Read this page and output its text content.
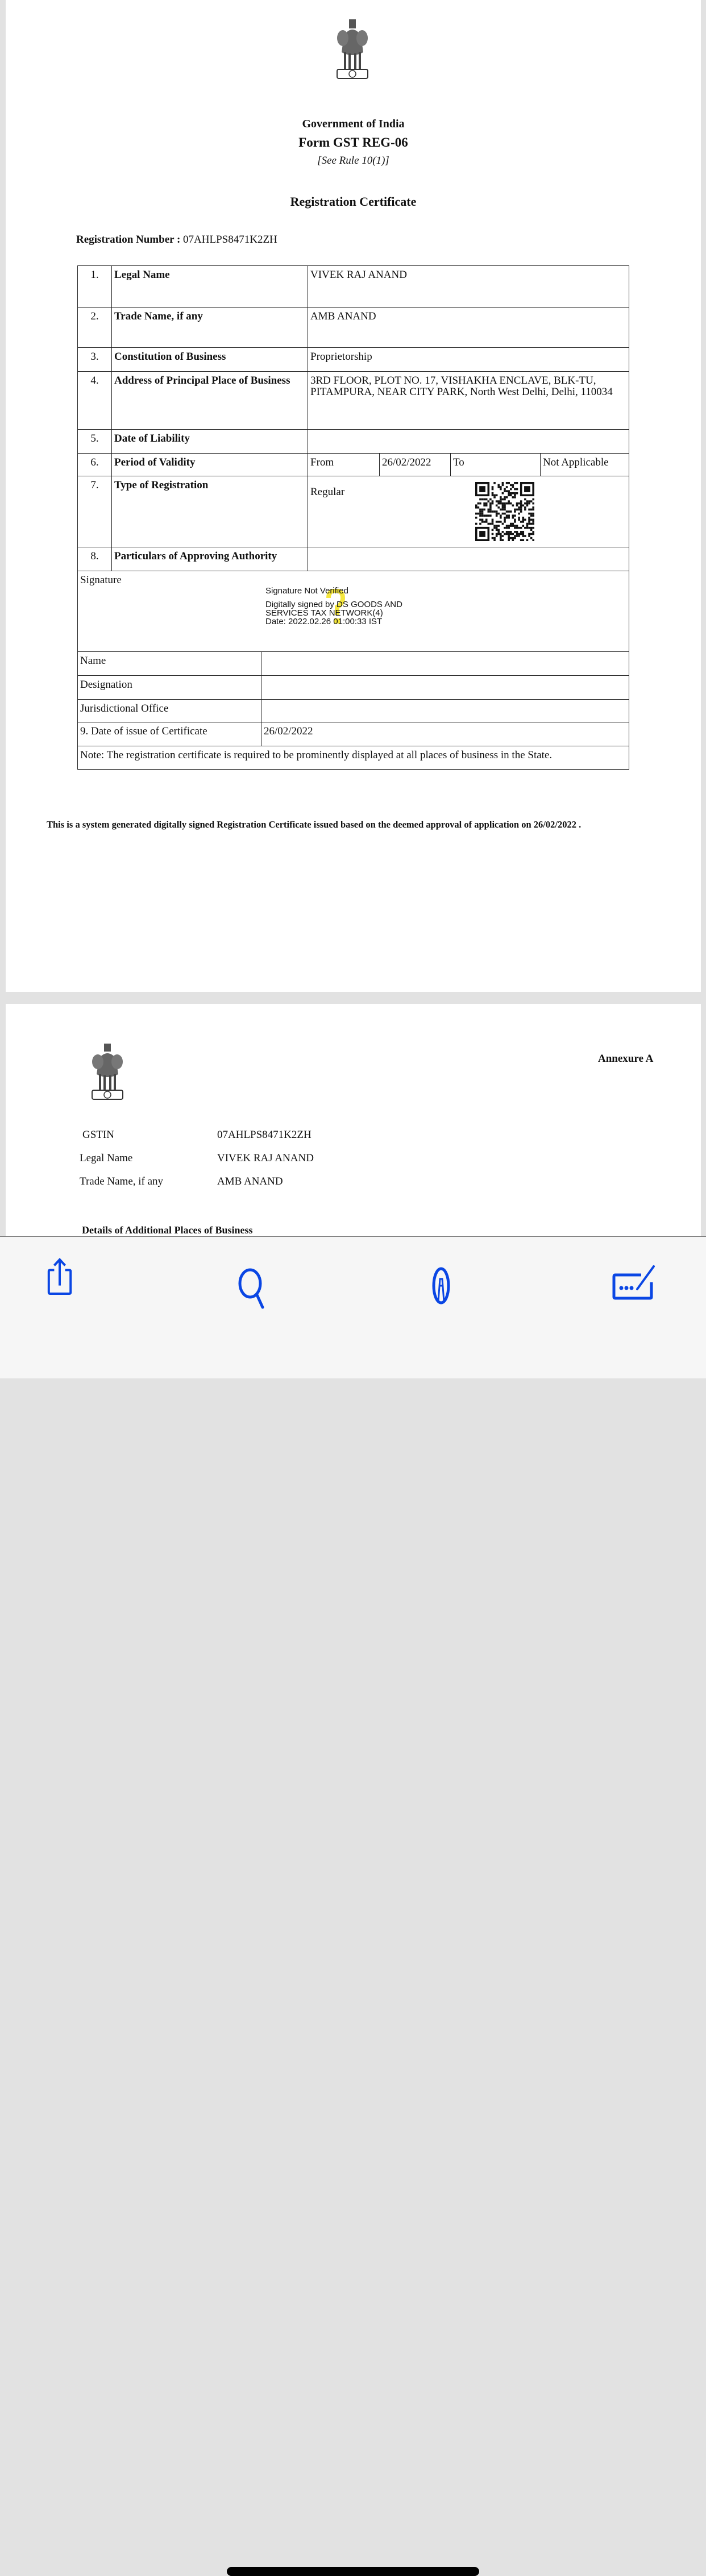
Government of India
Form GST REG-06
[See Rule 10(1)]
Registration Certificate
Registration Number : 07AHLPS8471K2ZH
1.	Legal Name	VIVEK RAJ ANAND			
2.	Trade Name, if any	AMB ANAND			
3.	Constitution of Business	Proprietorship			
4.	Address of Principal Place of Business	3RD FLOOR, PLOT NO. 17, VISHAKHA ENCLAVE, BLK-TU, PITAMPURA, NEAR CITY PARK, North West Delhi, Delhi, 110034			
5.	Date of Liability				
6.	Period of Validity	From	26/02/2022	To	Not Applicable
7.	Type of Registration	Regular			

8.	Particulars of Approving Authority				
Signature
Signature Not Verified
Digitally signed by DS GOODS AND
SERVICES TAX NETWORK(4)
Date: 2022.02.26 01:00:33 IST	

Name	
Designation	
Jurisdictional Office	
9. Date of issue of Certificate	26/02/2022
Note: The registration certificate is required to be prominently displayed at all places of business in the State.	
This is a system generated digitally signed Registration Certificate issued based on the deemed approval of application on 26/02/2022 .
Annexure A
GSTIN	07AHLPS8471K2ZH
Legal Name	VIVEK RAJ ANAND
Trade Name, if any	AMB ANAND
Details of Additional Places of Business
